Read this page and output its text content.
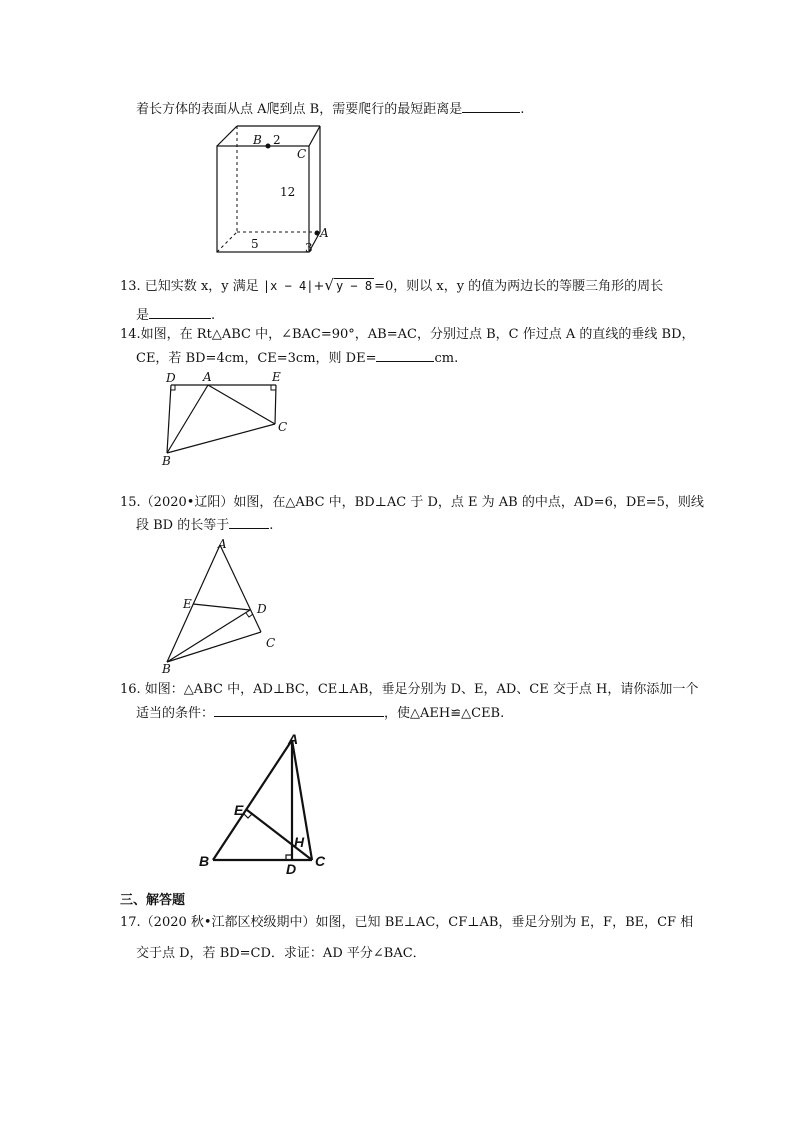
着长方体的表面从点 A爬到点 B，需要爬行的最短距离是	.
B 2
C
12
A
5	3
13. 已知实数 x，y 满足 |x − 4|+√ y − 8 =0，则以 x，y 的值为两边长的等腰三角形的周长
是	.
14.如图，在 Rt△ABC 中，∠BAC=90°，AB=AC，分别过点 B，C 作过点 A 的直线的垂线 BD，
CE，若 BD=4cm，CE=3cm，则 DE=	cm.
D A	E
C
B
15.（2020•辽阳）如图，在△ABC 中，BD⊥AC 于 D，点 E 为 AB 的中点，AD=6，DE=5，则线
段 BD 的长等于	.
A
E	D
C
B
16. 如图：△ABC 中，AD⊥BC，CE⊥AB，垂足分别为 D、E，AD、CE 交于点 H，请你添加一个
适当的条件：	，使△AEH≌△CEB.
A
E
H
B	D C
三、解答题
17.（2020 秋•江都区校级期中）如图，已知 BE⊥AC，CF⊥AB，垂足分别为 E，F，BE，CF 相
交于点 D，若 BD=CD．求证：AD 平分∠BAC．
